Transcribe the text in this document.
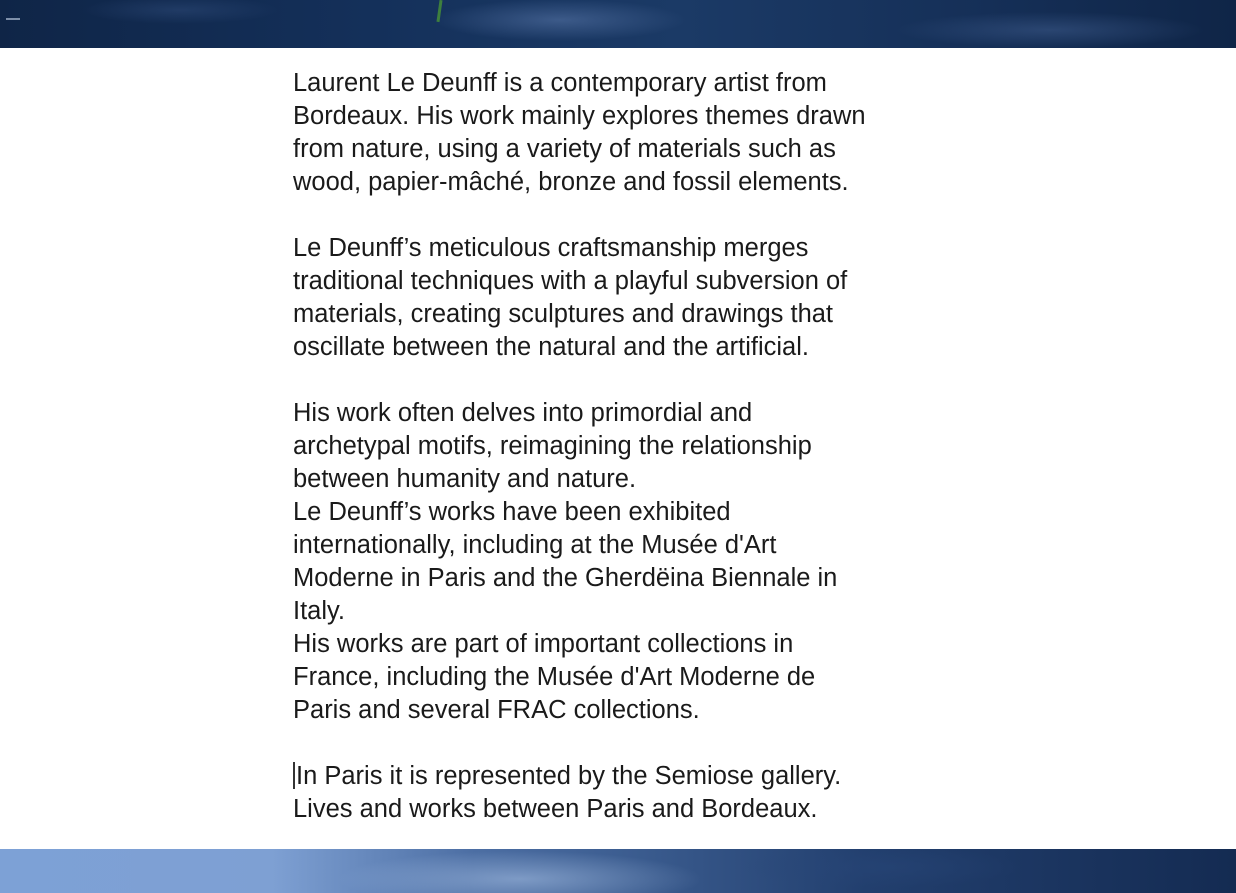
Laurent Le Deunff is a contemporary artist from

Bordeaux. His work mainly explores themes drawn

from nature, using a variety of materials such as

wood, papier-mâché, bronze and fossil elements.

Le Deunff’s meticulous craftsmanship merges

traditional techniques with a playful subversion of

materials, creating sculptures and drawings that

oscillate between the natural and the artificial.

His work often delves into primordial and

archetypal motifs, reimagining the relationship

between humanity and nature.

Le Deunff’s works have been exhibited

internationally, including at the Musée d'Art

Moderne in Paris and the Gherdëina Biennale in

Italy.

His works are part of important collections in

France, including the Musée d'Art Moderne de

Paris and several FRAC collections.

In Paris it is represented by the Semiose gallery.

Lives and works between Paris and Bordeaux.
